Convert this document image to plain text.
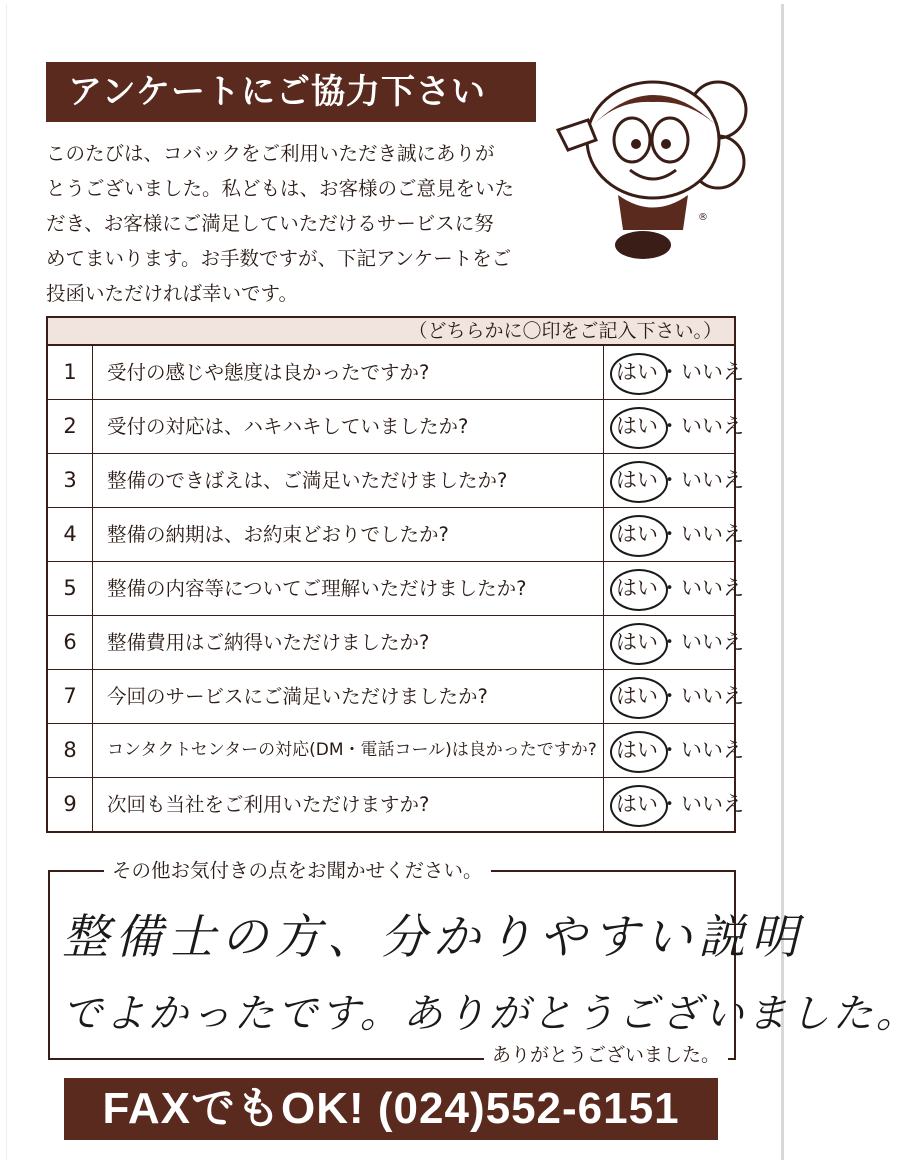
アンケートにご協力下さい
このたびは、コバックをご利用いただき誠にありが
とうございました。私どもは、お客様のご意見をいた
だき、お客様にご満足していただけるサービスに努
めてまいります。お手数ですが、下記アンケートをご
投函いただければ幸いです。
®
（どちらかに〇印をご記入下さい。）
1	受付の感じや態度は良かったですか?	はい・いいえ
2	受付の対応は、ハキハキしていましたか?	はい・いいえ
3	整備のできばえは、ご満足いただけましたか?	はい・いいえ
4	整備の納期は、お約束どおりでしたか?	はい・いいえ
5	整備の内容等についてご理解いただけましたか?	はい・いいえ
6	整備費用はご納得いただけましたか?	はい・いいえ
7	今回のサービスにご満足いただけましたか?	はい・いいえ
8	コンタクトセンターの対応(DM・電話コール)は良かったですか? はい・いいえ
9	次回も当社をご利用いただけますか?	はい・いいえ
その他お気付きの点をお聞かせください。
整備士の方、分かりやすい説明
でよかったです。ありがとうございました。
ありがとうございました。
FAXでもOK! (024)552-6151
